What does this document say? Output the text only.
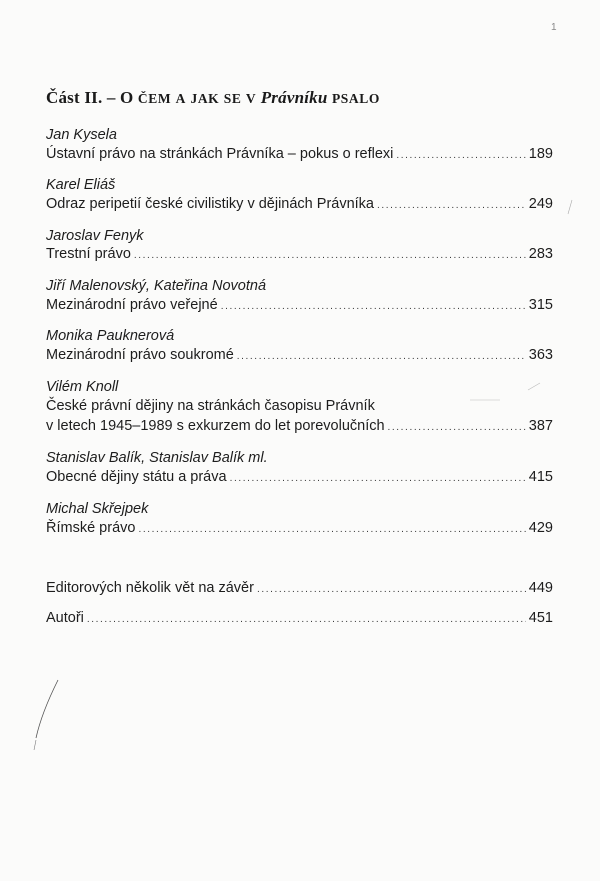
1
Část II. – O ČEM A JAK SE V Právníku PSALO
Jan Kysela
Ústavní právo na stránkách Právníka – pokus o reflexi .....	189
Karel Eliáš
Odraz peripetií české civilistiky v dějinách Právníka .....	249
Jaroslav Fenyk
Trestní právo .....	283
Jiří Malenovský, Kateřina Novotná
Mezinárodní právo veřejné .....	315
Monika Pauknerová
Mezinárodní právo soukromé .....	363
Vilém Knoll
České právní dějiny na stránkách časopisu Právník
v letech 1945–1989 s exkurzem do let porevolučních .....	387
Stanislav Balík, Stanislav Balík ml.
Obecné dějiny státu a práva .....	415
Michal Skřejpek
Římské právo .....	429
Editorových několik vět na závěr .....	449
Autoři .....	451
